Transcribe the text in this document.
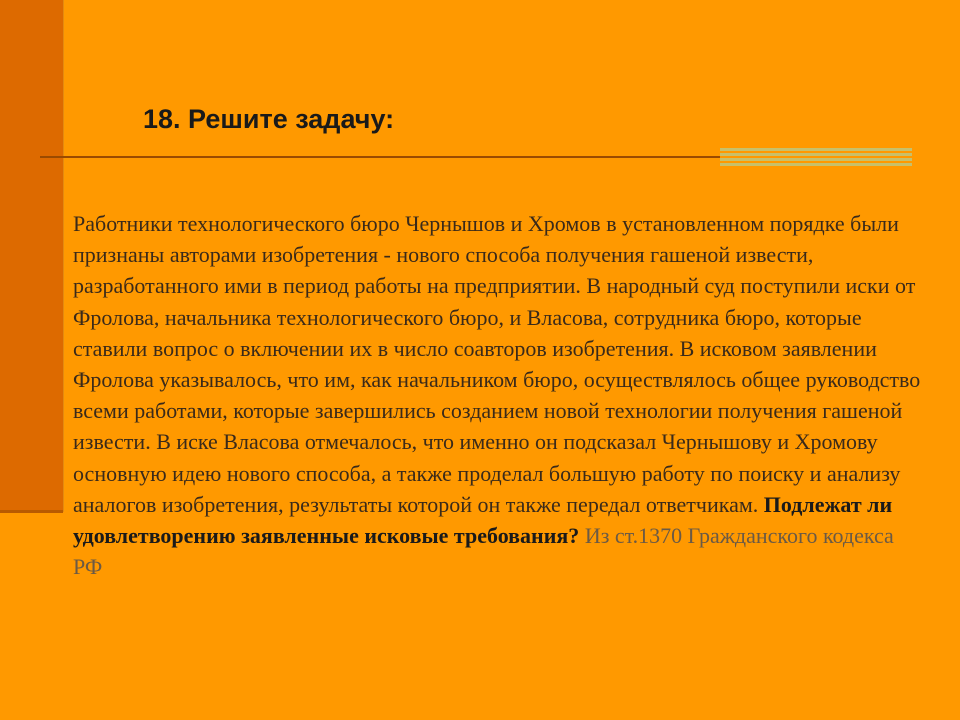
18. Решите задачу:

Работники технологического бюро Чернышов и Хромов в установленном порядке были признаны авторами изобретения - нового способа получения гашеной извести, разработанного ими в период работы на предприятии. В народный суд поступили иски от Фролова, начальника технологического бюро, и Власова, сотрудника бюро, которые ставили вопрос о включении их в число соавторов изобретения. В исковом заявлении Фролова указывалось, что им, как начальником бюро, осуществлялось общее руководство всеми работами, которые завершились созданием новой технологии получения гашеной извести. В иске Власова отмечалось, что именно он подсказал Чернышову и Хромову основную идею нового способа, а также проделал большую работу по поиску и анализу аналогов изобретения, результаты которой он также передал ответчикам. Подлежат ли удовлетворению заявленные исковые требования? Из ст.1370 Гражданского кодекса РФ
